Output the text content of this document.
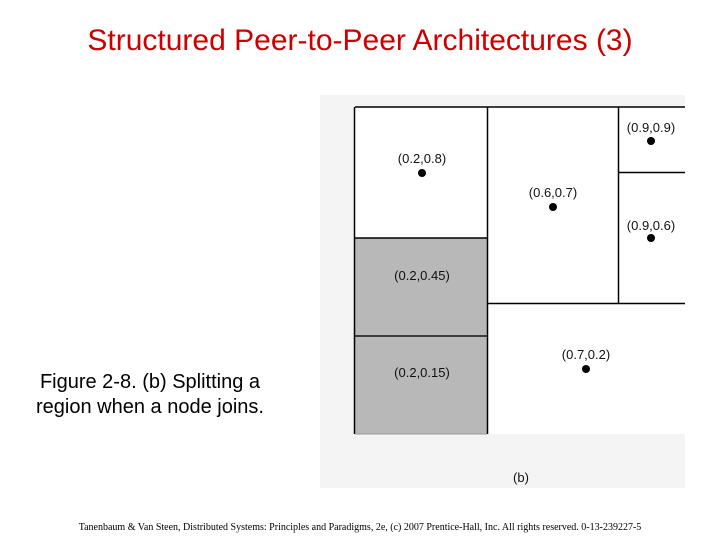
Structured Peer-to-Peer Architectures (3)
(0.2,0.8)
(0.6,0.7)
(0.9,0.9)
(0.9,0.6)
(0.2,0.45)
(0.2,0.15)
(0.7,0.2)
(b)
Figure 2-8. (b) Splitting a region when a node joins.
Tanenbaum & Van Steen, Distributed Systems: Principles and Paradigms, 2e, (c) 2007 Prentice-Hall, Inc. All rights reserved. 0-13-239227-5
